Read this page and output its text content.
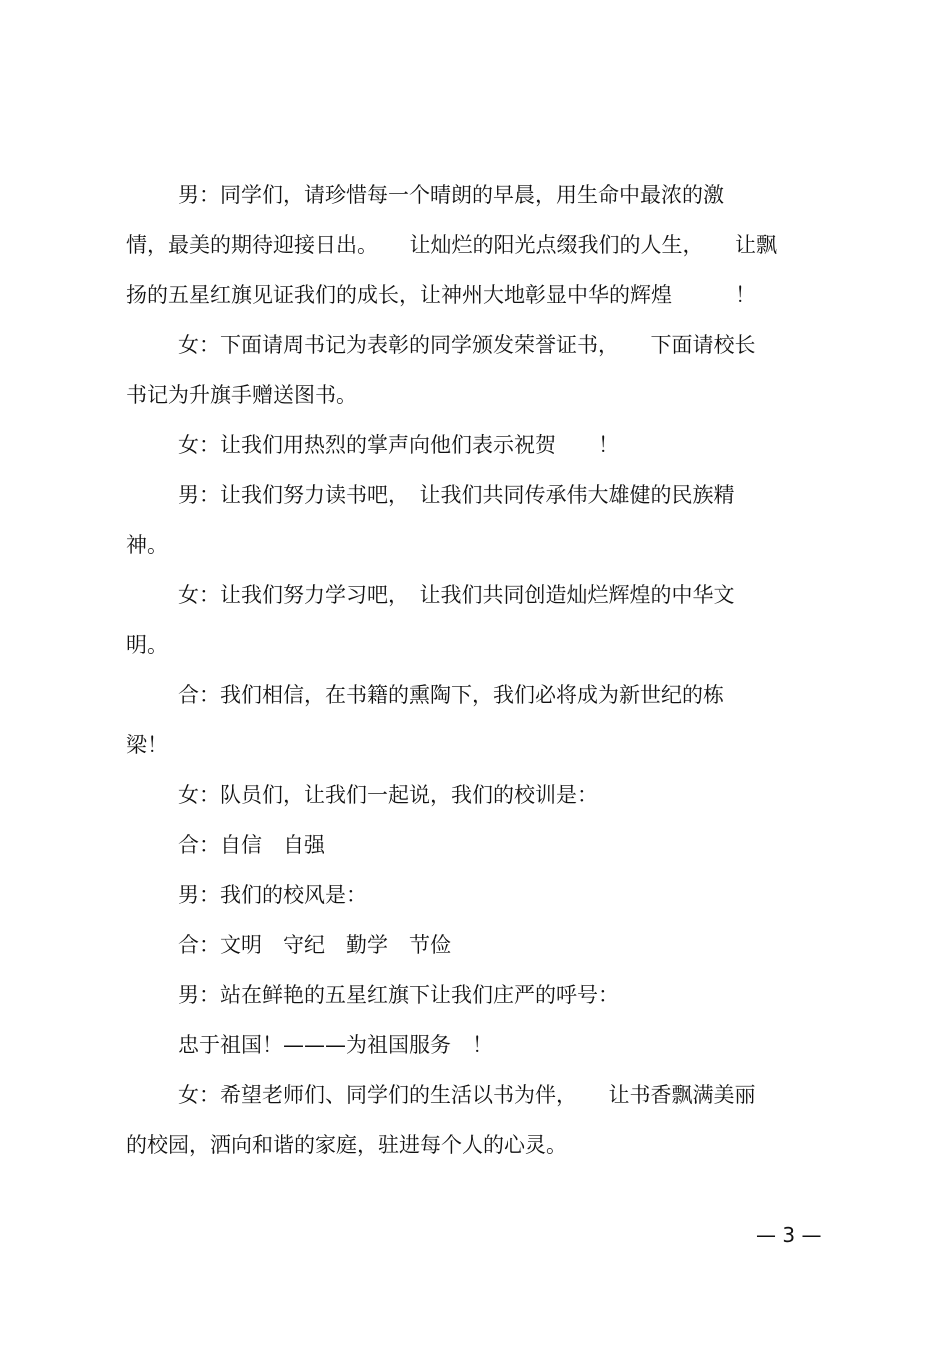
男：同学们，请珍惜每一个晴朗的早晨，用生命中最浓的激

情，最美的期待迎接日出。　　让灿烂的阳光点缀我们的人生，　　让飘

扬的五星红旗见证我们的成长，让神州大地彰显中华的辉煌　　　！

女：下面请周书记为表彰的同学颁发荣誉证书，　　下面请校长

书记为升旗手赠送图书。

女：让我们用热烈的掌声向他们表示祝贺　　！

男：让我们努力读书吧，　让我们共同传承伟大雄健的民族精

神。

女：让我们努力学习吧，　让我们共同创造灿烂辉煌的中华文

明。

合：我们相信，在书籍的熏陶下，我们必将成为新世纪的栋

梁！

女：队员们，让我们一起说，我们的校训是：

合：自信　自强

男：我们的校风是：

合：文明　守纪　勤学　节俭

男：站在鲜艳的五星红旗下让我们庄严的呼号：

忠于祖国！———为祖国服务　！

女：希望老师们、同学们的生活以书为伴，　　让书香飘满美丽

的校园，洒向和谐的家庭，驻进每个人的心灵。

— 3 —
